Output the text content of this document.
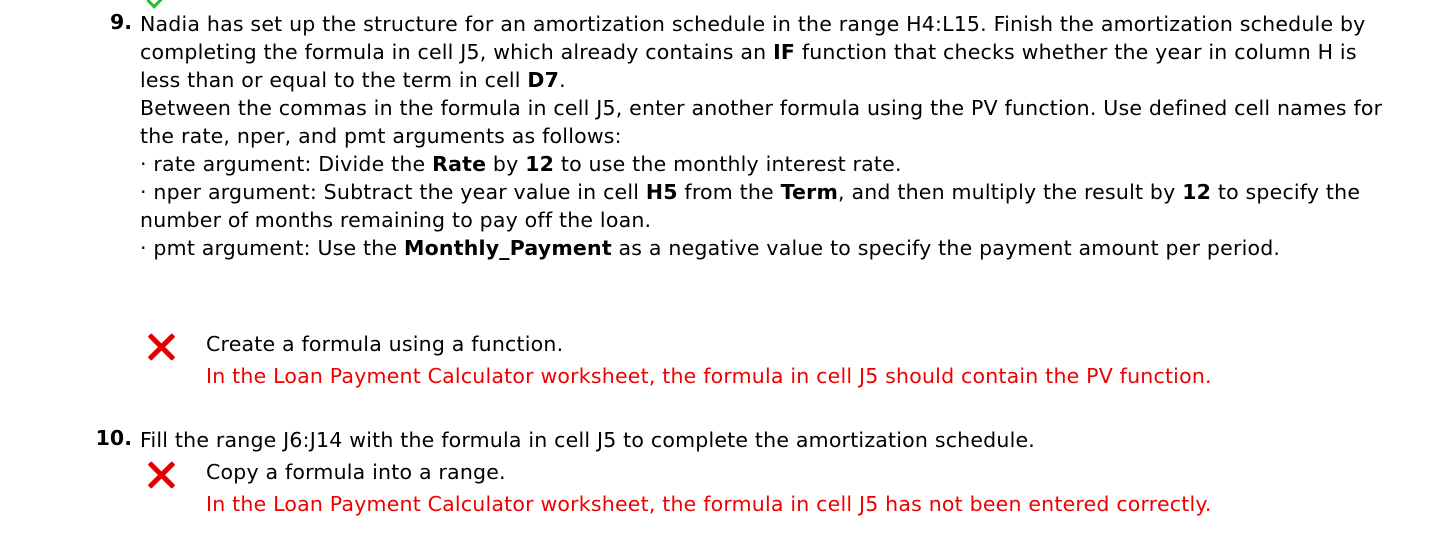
9. Nadia has set up the structure for an amortization schedule in the range H4:L15. Finish the amortization schedule by
completing the formula in cell J5, which already contains an IF function that checks whether the year in column H is
less than or equal to the term in cell D7.
Between the commas in the formula in cell J5, enter another formula using the PV function. Use defined cell names for
the rate, nper, and pmt arguments as follows:
· rate argument: Divide the Rate by 12 to use the monthly interest rate.
· nper argument: Subtract the year value in cell H5 from the Term, and then multiply the result by 12 to specify the
number of months remaining to pay off the loan.
· pmt argument: Use the Monthly_Payment as a negative value to specify the payment amount per period.
Create a formula using a function.
In the Loan Payment Calculator worksheet, the formula in cell J5 should contain the PV function.
10. Fill the range J6:J14 with the formula in cell J5 to complete the amortization schedule.
Copy a formula into a range.
In the Loan Payment Calculator worksheet, the formula in cell J5 has not been entered correctly.
